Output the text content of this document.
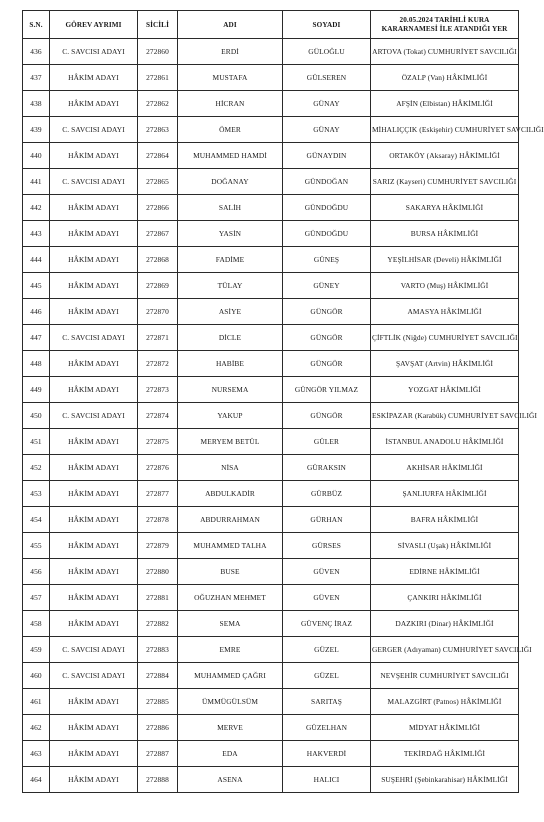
S.N.	GÖREV AYRIMI	SİCİLİ	ADI	SOYADI	20.05.2024 TARİHLİ KURA KARARNAMESİ İLE ATANDIĞI YER
436	C. SAVCISI ADAYI	272860	ERDİ	GÜLOĞLU	ARTOVA (Tokat) CUMHURİYET SAVCILIĞI
437	HÂKİM ADAYI	272861	MUSTAFA	GÜLSEREN	ÖZALP (Van) HÂKİMLİĞİ
438	HÂKİM ADAYI	272862	HİCRAN	GÜNAY	AFŞİN (Elbistan) HÂKİMLİĞİ
439	C. SAVCISI ADAYI	272863	ÖMER	GÜNAY	MİHALIÇÇIK (Eskişehir) CUMHURİYET SAVCILIĞI
440	HÂKİM ADAYI	272864	MUHAMMED HAMDİ	GÜNAYDIN	ORTAKÖY (Aksaray) HÂKİMLİĞİ
441	C. SAVCISI ADAYI	272865	DOĞANAY	GÜNDOĞAN	SARIZ (Kayseri) CUMHURİYET SAVCILIĞI
442	HÂKİM ADAYI	272866	SALİH	GÜNDOĞDU	SAKARYA HÂKİMLİĞİ
443	HÂKİM ADAYI	272867	YASİN	GÜNDOĞDU	BURSA HÂKİMLİĞİ
444	HÂKİM ADAYI	272868	FADİME	GÜNEŞ	YEŞİLHİSAR (Develi) HÂKİMLİĞİ
445	HÂKİM ADAYI	272869	TÜLAY	GÜNEY	VARTO (Muş) HÂKİMLİĞİ
446	HÂKİM ADAYI	272870	ASİYE	GÜNGÖR	AMASYA HÂKİMLİĞİ
447	C. SAVCISI ADAYI	272871	DİCLE	GÜNGÖR	ÇİFTLİK (Niğde) CUMHURİYET SAVCILIĞI
448	HÂKİM ADAYI	272872	HABİBE	GÜNGÖR	ŞAVŞAT (Artvin) HÂKİMLİĞİ
449	HÂKİM ADAYI	272873	NURSEMA	GÜNGÖR YILMAZ	YOZGAT HÂKİMLİĞİ
450	C. SAVCISI ADAYI	272874	YAKUP	GÜNGÖR	ESKİPAZAR (Karabük) CUMHURİYET SAVCILIĞI
451	HÂKİM ADAYI	272875	MERYEM BETÜL	GÜLER	İSTANBUL ANADOLU HÂKİMLİĞİ
452	HÂKİM ADAYI	272876	NİSA	GÜRAKSIN	AKHİSAR HÂKİMLİĞİ
453	HÂKİM ADAYI	272877	ABDULKADİR	GÜRBÜZ	ŞANLIURFA HÂKİMLİĞİ
454	HÂKİM ADAYI	272878	ABDURRAHMAN	GÜRHAN	BAFRA HÂKİMLİĞİ
455	HÂKİM ADAYI	272879	MUHAMMED TALHA	GÜRSES	SİVASLI (Uşak) HÂKİMLİĞİ
456	HÂKİM ADAYI	272880	BUSE	GÜVEN	EDİRNE HÂKİMLİĞİ
457	HÂKİM ADAYI	272881	OĞUZHAN MEHMET	GÜVEN	ÇANKIRI HÂKİMLİĞİ
458	HÂKİM ADAYI	272882	SEMA	GÜVENÇ İRAZ	DAZKIRI (Dinar) HÂKİMLİĞİ
459	C. SAVCISI ADAYI	272883	EMRE	GÜZEL	GERGER (Adıyaman) CUMHURİYET SAVCILIĞI
460	C. SAVCISI ADAYI	272884	MUHAMMED ÇAĞRI	GÜZEL	NEVŞEHİR CUMHURİYET SAVCILIĞI
461	HÂKİM ADAYI	272885	ÜMMÜGÜLSÜM	SARITAŞ	MALAZGİRT (Patnos) HÂKİMLİĞİ
462	HÂKİM ADAYI	272886	MERVE	GÜZELHAN	MİDYAT HÂKİMLİĞİ
463	HÂKİM ADAYI	272887	EDA	HAKVERDİ	TEKİRDAĞ HÂKİMLİĞİ
464	HÂKİM ADAYI	272888	ASENA	HALICI	SUŞEHRİ (Şebinkarahisar) HÂKİMLİĞİ
